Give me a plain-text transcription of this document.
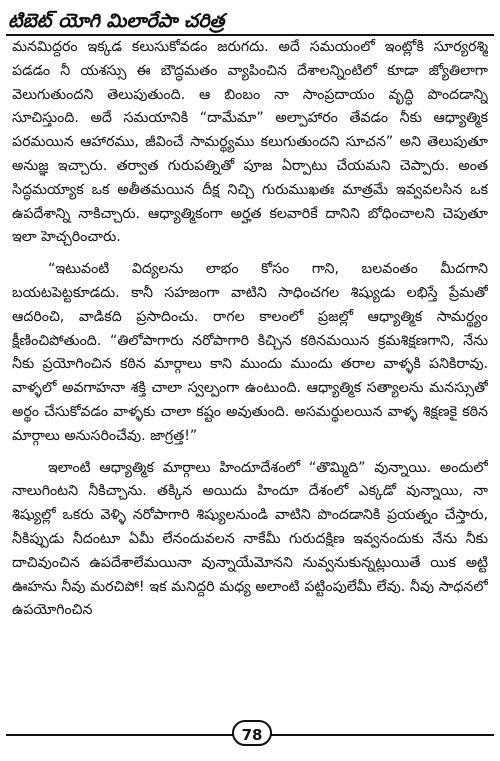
టిబెట్ యోగి మిలారేపా చరిత్ర

మనమిద్దరం ఇక్కడ కలుసుకోవడం జరుగదు. అదే సమయంలో ఇంట్లోకి సూర్యరశ్మి పడడం నీ యశస్సు ఈ బౌద్ధమతం వ్యాపించిన దేశాలన్నింటిలో కూడా జ్యోతిలాగా వెలుగుతుందని తెలుపుతుంది. ఆ బింబం నా సాంప్రదాయం వృద్ధి పొందడాన్ని సూచిస్తుంది. అదే సమయానికి “దామేమా” అల్పాహారం తేవడం నీకు ఆధ్యాత్మిక పరమయిన ఆహారము, జీవించే సామర్థ్యము కలుగుతుందని సూచన” అని తెలుపుతూ అనుజ్ఞ ఇచ్చారు. తర్వాత గురుపత్నితో పూజ ఏర్పాటు చేయమని చెప్పారు. అంత సిద్ధమయ్యాక ఒక అతీతమయిన దీక్ష నిచ్చి గురుముఖతః మాత్రమే ఇవ్వవలసిన ఒక ఉపదేశాన్ని నాకిచ్చారు. ఆధ్యాత్మికంగా అర్హత కలవారికే దానిని బోధించాలని చెపుతూ ఇలా హెచ్చరించారు.

“ఇటువంటి విద్యలను లాభం కోసం గాని, బలవంతం మీదగాని బయటపెట్టకూడదు. కానీ సహజంగా వాటిని సాధించగల శిష్యుడు లభిస్తే ప్రేమతో ఆదరించి, వాడికది ప్రసాదించు. రాగల కాలంలో ప్రజల్లో ఆధ్యాత్మిక సామర్థ్యం క్షీణించిపోతుంది. “తిలోపాగారు నరోపాగారి కిచ్చిన కఠినమయిన క్రమశిక్షణగాని, నేను నీకు ప్రయోగించిన కఠిన మార్గాలు కాని ముందు ముందు తరాల వాళ్ళకి పనికిరావు. వాళ్ళలో అవగాహనా శక్తి చాలా స్వల్పంగా ఉంటుంది. ఆధ్యాత్మిక సత్యాలను మనస్సుతో అర్థం చేసుకోవడం వాళ్ళకు చాలా కష్టం అవుతుంది. అసమర్థులయిన వాళ్ళ శిక్షణకై కఠిన మార్గాలు అనుసరించేవు. జాగ్రత్త!”

ఇలాంటి ఆధ్యాత్మిక మార్గాలు హిందూదేశంలో “తొమ్మిది” వున్నాయి. అందులో నాలుగింటని నీకిచ్చాను. తక్కిన అయిదు హిందూ దేశంలో ఎక్కడో వున్నాయి, నా శిష్యుల్లో ఒకరు వెళ్ళి నరోపాగారి శిష్యులనుండి వాటిని పొందడానికి ప్రయత్నం చేస్తారు, నీకిప్పుడు నీదంటూ ఏమీ లేనందువలన నాకేమీ గురుదక్షిణ ఇవ్వనందుకు నేను నీకు దాచివుంచిన ఉపదేశాలేమయినా వున్నాయేమోనని నువ్వనుకున్నట్లుయితే యిక అట్టి ఊహను నీవు మరచిపో! ఇక మనిద్దరి మధ్య అలాంటి పట్టింపులేమీ లేవు. నీవు సాధనలో ఉపయోగించిన

78
